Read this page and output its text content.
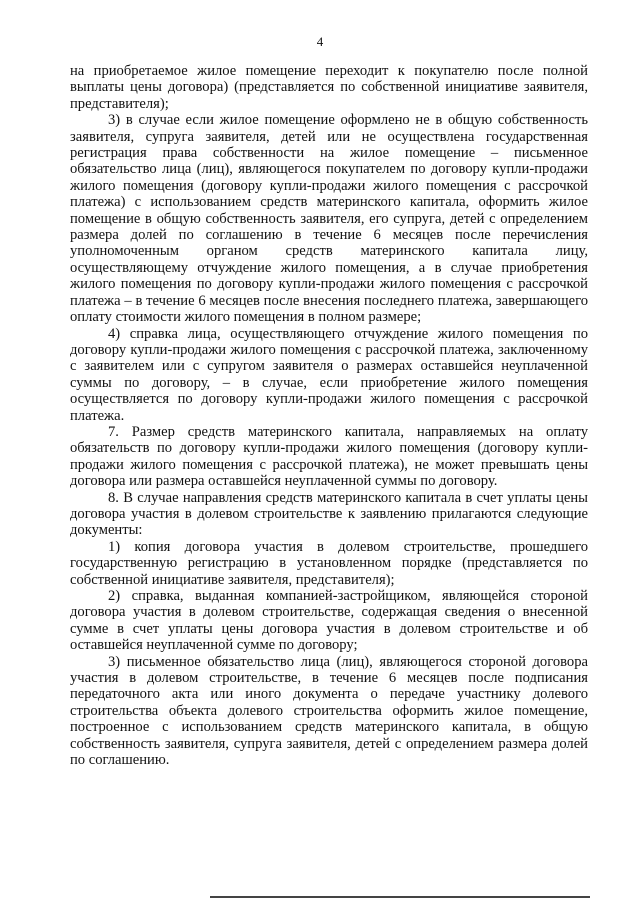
4

на приобретаемое жилое помещение переходит к покупателю после полной выплаты цены договора) (представляется по собственной инициативе заявителя, представителя);

3) в случае если жилое помещение оформлено не в общую собственность заявителя, супруга заявителя, детей или не осуществлена государственная регистрация права собственности на жилое помещение – письменное обязательство лица (лиц), являющегося покупателем по договору купли-продажи жилого помещения (договору купли-продажи жилого помещения с рассрочкой платежа) с использованием средств материнского капитала, оформить жилое помещение в общую собственность заявителя, его супруга, детей с определением размера долей по соглашению в течение 6 месяцев после перечисления уполномоченным органом средств материнского капитала лицу, осуществляющему отчуждение жилого помещения, а в случае приобретения жилого помещения по договору купли-продажи жилого помещения с рассрочкой платежа – в течение 6 месяцев после внесения последнего платежа, завершающего оплату стоимости жилого помещения в полном размере;

4) справка лица, осуществляющего отчуждение жилого помещения по договору купли-продажи жилого помещения с рассрочкой платежа, заключенному с заявителем или с супругом заявителя о размерах оставшейся неуплаченной суммы по договору, – в случае, если приобретение жилого помещения осуществляется по договору купли-продажи жилого помещения с рассрочкой платежа.

7. Размер средств материнского капитала, направляемых на оплату обязательств по договору купли-продажи жилого помещения (договору купли-продажи жилого помещения с рассрочкой платежа), не может превышать цены договора или размера оставшейся неуплаченной суммы по договору.

8. В случае направления средств материнского капитала в счет уплаты цены договора участия в долевом строительстве к заявлению прилагаются следующие документы:

1) копия договора участия в долевом строительстве, прошедшего государственную регистрацию в установленном порядке (представляется по собственной инициативе заявителя, представителя);

2) справка, выданная компанией-застройщиком, являющейся стороной договора участия в долевом строительстве, содержащая сведения о внесенной сумме в счет уплаты цены договора участия в долевом строительстве и об оставшейся неуплаченной сумме по договору;

3) письменное обязательство лица (лиц), являющегося стороной договора участия в долевом строительстве, в течение 6 месяцев после подписания передаточного акта или иного документа о передаче участнику долевого строительства объекта долевого строительства оформить жилое помещение, построенное с использованием средств материнского капитала, в общую собственность заявителя, супруга заявителя, детей с определением размера долей по соглашению.
